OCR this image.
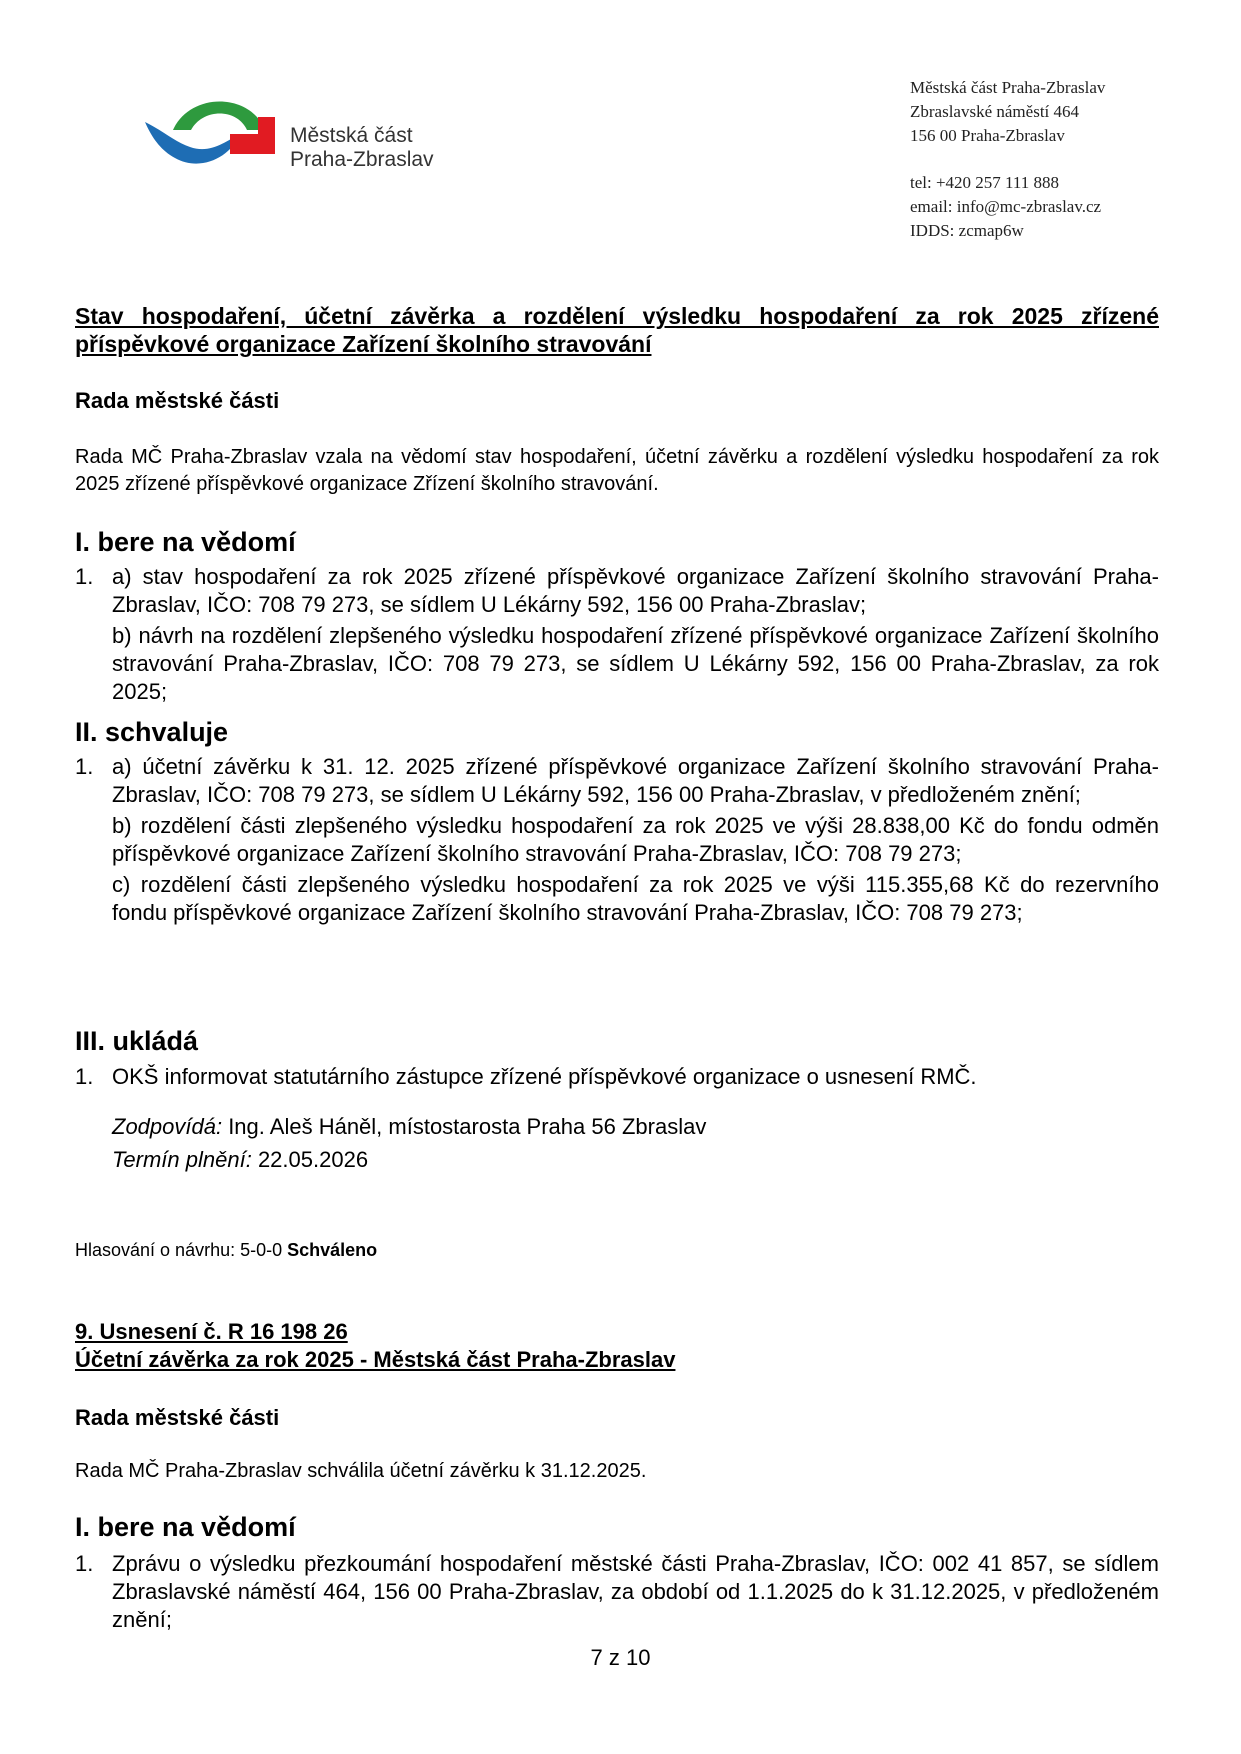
Městská část
Praha-Zbraslav
Městská část Praha-Zbraslav
Zbraslavské náměstí 464
156 00 Praha-Zbraslav
tel: +420 257 111 888
email: info@mc-zbraslav.cz
IDDS: zcmap6w
Stav hospodaření, účetní závěrka a rozdělení výsledku hospodaření za rok 2025 zřízené příspěvkové organizace Zařízení školního stravování
Rada městské části
Rada MČ Praha-Zbraslav vzala na vědomí stav hospodaření, účetní závěrku a rozdělení výsledku hospodaření za rok 2025 zřízené příspěvkové organizace Zřízení školního stravování.
I. bere na vědomí
1. a) stav hospodaření za rok 2025 zřízené příspěvkové organizace Zařízení školního stravování Praha-Zbraslav, IČO: 708 79 273, se sídlem U Lékárny 592, 156 00 Praha-Zbraslav;

b) návrh na rozdělení zlepšeného výsledku hospodaření zřízené příspěvkové organizace Zařízení školního stravování Praha-Zbraslav, IČO: 708 79 273, se sídlem U Lékárny 592, 156 00 Praha-Zbraslav, za rok 2025;

II. schvaluje
1. a) účetní závěrku k 31. 12. 2025 zřízené příspěvkové organizace Zařízení školního stravování Praha-Zbraslav, IČO: 708 79 273, se sídlem U Lékárny 592, 156 00 Praha-Zbraslav, v předloženém znění;

b) rozdělení části zlepšeného výsledku hospodaření za rok 2025 ve výši 28.838,00 Kč do fondu odměn příspěvkové organizace Zařízení školního stravování Praha-Zbraslav, IČO: 708 79 273;

c) rozdělení části zlepšeného výsledku hospodaření za rok 2025 ve výši 115.355,68 Kč do rezervního fondu příspěvkové organizace Zařízení školního stravování Praha-Zbraslav, IČO: 708 79 273;

III. ukládá
1. OKŠ informovat statutárního zástupce zřízené příspěvkové organizace o usnesení RMČ.

Zodpovídá: Ing. Aleš Háněl, místostarosta Praha 56 Zbraslav
Termín plnění: 22.05.2026
Hlasování o návrhu: 5-0-0 Schváleno
9. Usnesení č. R 16 198 26
Účetní závěrka za rok 2025 - Městská část Praha-Zbraslav
Rada městské části
Rada MČ Praha-Zbraslav schválila účetní závěrku k 31.12.2025.
I. bere na vědomí
1. Zprávu o výsledku přezkoumání hospodaření městské části Praha-Zbraslav, IČO: 002 41 857, se sídlem Zbraslavské náměstí 464, 156 00 Praha-Zbraslav, za období od 1.1.2025 do k 31.12.2025, v předloženém znění;

7 z 10
